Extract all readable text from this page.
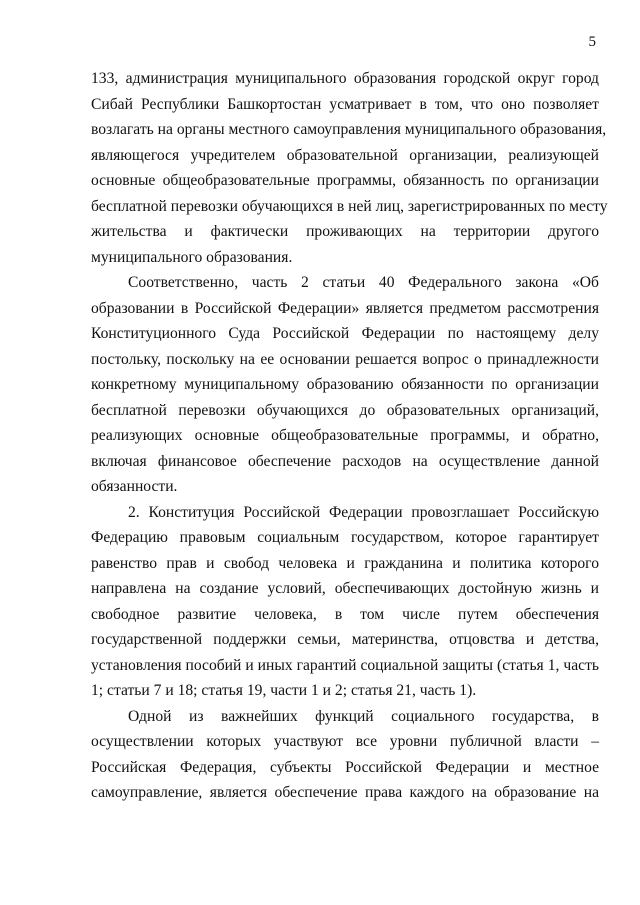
5
133, администрация муниципального образования городской округ город
Сибай Республики Башкортостан усматривает в том, что оно позволяет
возлагать на органы местного самоуправления муниципального образования,
являющегося учредителем образовательной организации, реализующей
основные общеобразовательные программы, обязанность по организации
бесплатной перевозки обучающихся в ней лиц, зарегистрированных по месту
жительства и фактически проживающих на территории другого
муниципального образования.
Соответственно, часть 2 статьи 40 Федерального закона «Об
образовании в Российской Федерации» является предметом рассмотрения
Конституционного Суда Российской Федерации по настоящему делу
постольку, поскольку на ее основании решается вопрос о принадлежности
конкретному муниципальному образованию обязанности по организации
бесплатной перевозки обучающихся до образовательных организаций,
реализующих основные общеобразовательные программы, и обратно,
включая финансовое обеспечение расходов на осуществление данной
обязанности.
2. Конституция Российской Федерации провозглашает Российскую
Федерацию правовым социальным государством, которое гарантирует
равенство прав и свобод человека и гражданина и политика которого
направлена на создание условий, обеспечивающих достойную жизнь и
свободное развитие человека, в том числе путем обеспечения
государственной поддержки семьи, материнства, отцовства и детства,
установления пособий и иных гарантий социальной защиты (статья 1, часть
1; статьи 7 и 18; статья 19, части 1 и 2; статья 21, часть 1).
Одной из важнейших функций социального государства, в
осуществлении которых участвуют все уровни публичной власти –
Российская Федерация, субъекты Российской Федерации и местное
самоуправление, является обеспечение права каждого на образование на
